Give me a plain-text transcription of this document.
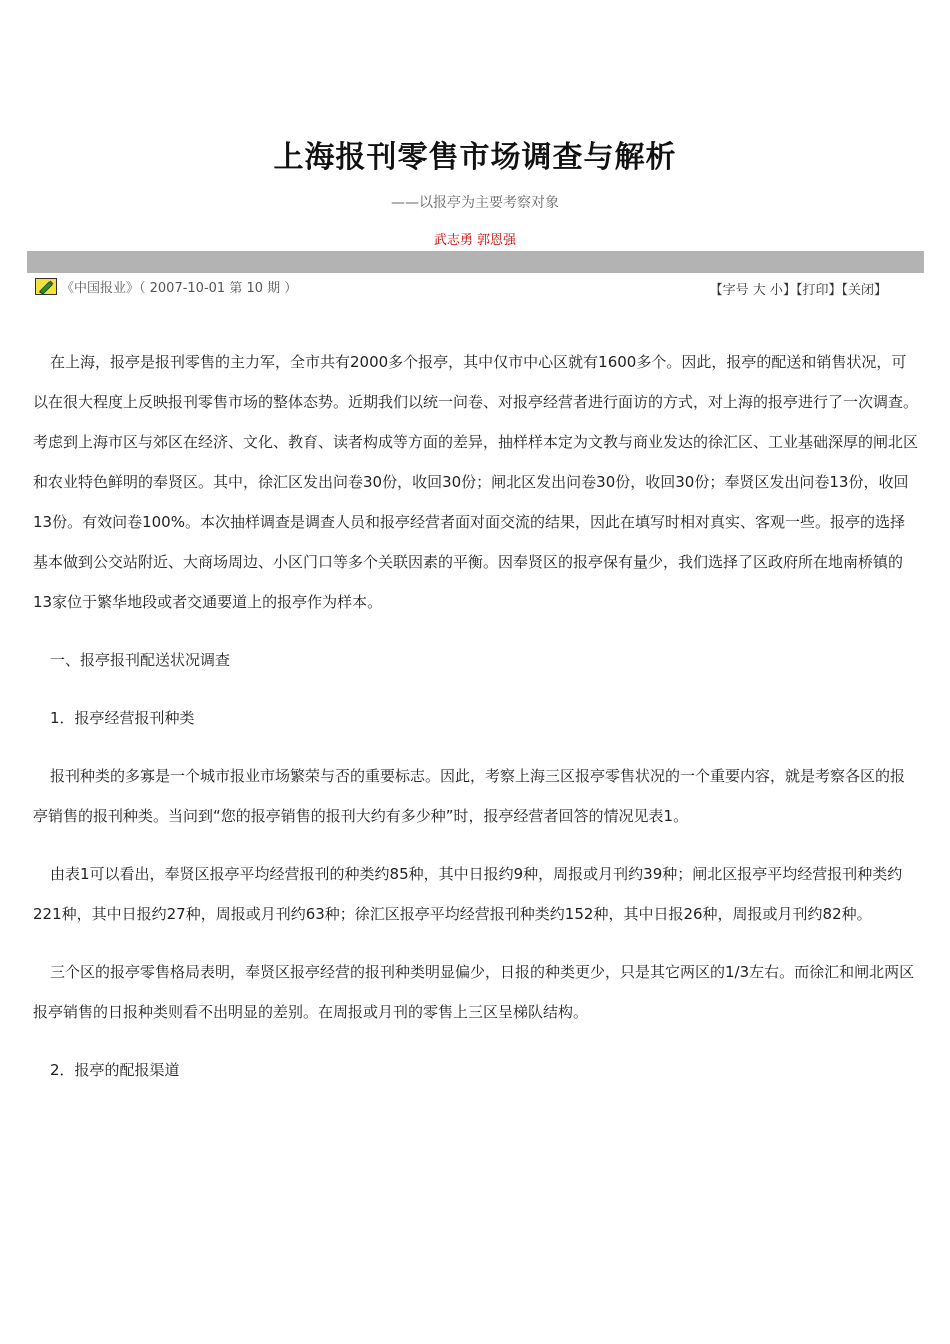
上海报刊零售市场调查与解析
——以报亭为主要考察对象
武志勇 郭恩强
《中国报业》（ 2007-10-01 第 10 期 ）	【字号 大 小】【打印】【关闭】

在上海，报亭是报刊零售的主力军，全市共有2000多个报亭，其中仅市中心区就有1600多个。因此，报亭的配送和销售状况，可以在很大程度上反映报刊零售市场的整体态势。近期我们以统一问卷、对报亭经营者进行面访的方式，对上海的报亭进行了一次调查。考虑到上海市区与郊区在经济、文化、教育、读者构成等方面的差异，抽样样本定为文教与商业发达的徐汇区、工业基础深厚的闸北区和农业特色鲜明的奉贤区。其中，徐汇区发出问卷30份，收回30份；闸北区发出问卷30份，收回30份；奉贤区发出问卷13份，收回13份。有效问卷100%。本次抽样调查是调查人员和报亭经营者面对面交流的结果，因此在填写时相对真实、客观一些。报亭的选择基本做到公交站附近、大商场周边、小区门口等多个关联因素的平衡。因奉贤区的报亭保有量少，我们选择了区政府所在地南桥镇的13家位于繁华地段或者交通要道上的报亭作为样本。

一、报亭报刊配送状况调查

1．报亭经营报刊种类

报刊种类的多寡是一个城市报业市场繁荣与否的重要标志。因此，考察上海三区报亭零售状况的一个重要内容，就是考察各区的报亭销售的报刊种类。当问到“您的报亭销售的报刊大约有多少种”时，报亭经营者回答的情况见表1。

由表1可以看出，奉贤区报亭平均经营报刊的种类约85种，其中日报约9种，周报或月刊约39种；闸北区报亭平均经营报刊种类约221种，其中日报约27种，周报或月刊约63种；徐汇区报亭平均经营报刊种类约152种，其中日报26种，周报或月刊约82种。

三个区的报亭零售格局表明，奉贤区报亭经营的报刊种类明显偏少，日报的种类更少，只是其它两区的1/3左右。而徐汇和闸北两区报亭销售的日报种类则看不出明显的差别。在周报或月刊的零售上三区呈梯队结构。

2．报亭的配报渠道
